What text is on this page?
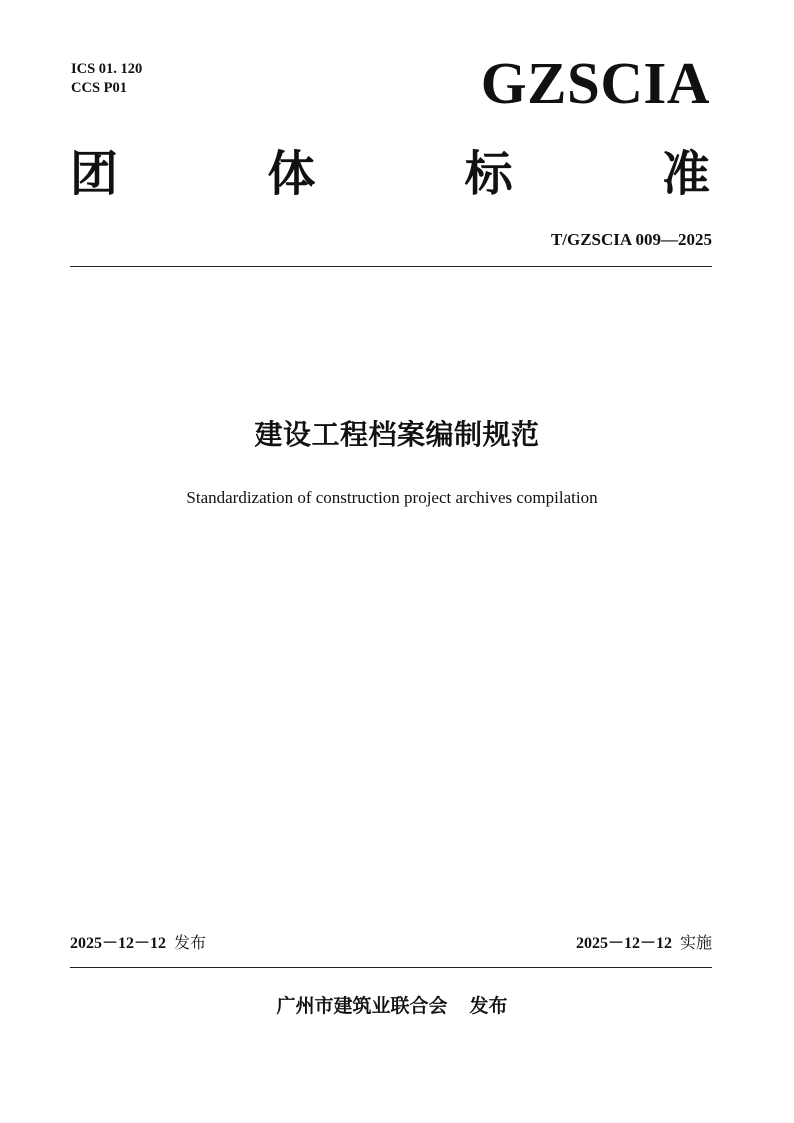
ICS 01. 120

CCS P01	GZSCIA
团	体	标	准
T/GZSCIA 009—2025
建设工程档案编制规范

Standardization of construction project archives compilation

2025－12－12 发布	2025－12－12 实施
广州市建筑业联合会 发布
